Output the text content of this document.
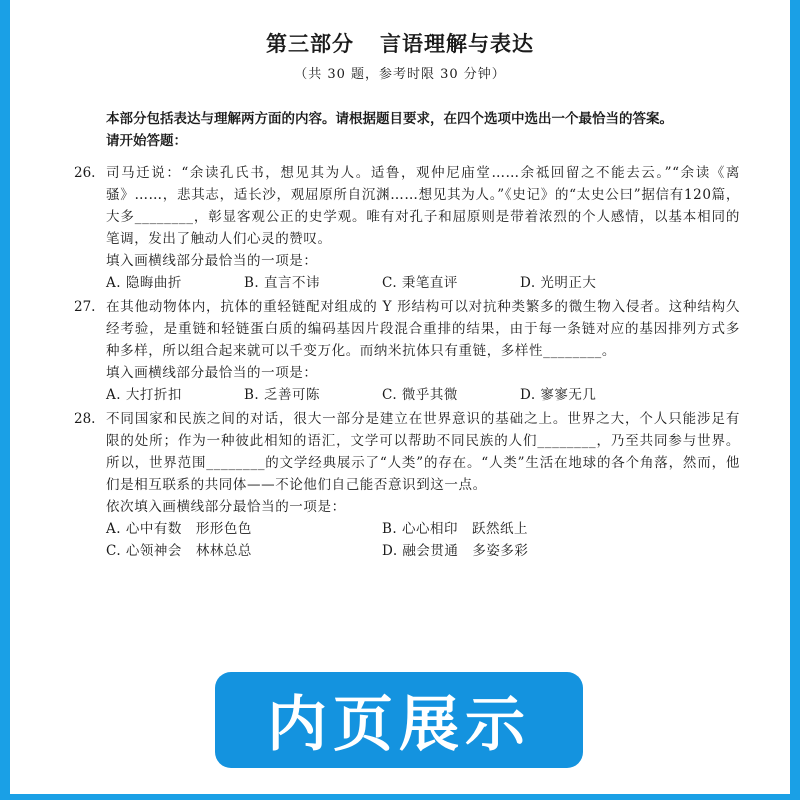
第三部分 言语理解与表达
（共 30 题，参考时限 30 分钟）
本部分包括表达与理解两方面的内容。请根据题目要求，在四个选项中选出一个最恰当的答案。
请开始答题：
26. 司马迁说：“余读孔氏书，想见其为人。适鲁，观仲尼庙堂……余祗回留之不能去云。”“余读《离骚》……，悲其志，适长沙，观屈原所自沉渊……想见其为人。”《史记》的“太史公曰”据信有120篇，大多________，彰显客观公正的史学观。唯有对孔子和屈原则是带着浓烈的个人感情，以基本相同的笔调，发出了触动人们心灵的赞叹。

填入画横线部分最恰当的一项是：

A. 隐晦曲折	B. 直言不讳	C. 秉笔直评	D. 光明正大
27. 在其他动物体内，抗体的重轻链配对组成的 Y 形结构可以对抗种类繁多的微生物入侵者。这种结构久经考验，是重链和轻链蛋白质的编码基因片段混合重排的结果，由于每一条链对应的基因排列方式多种多样，所以组合起来就可以千变万化。而纳米抗体只有重链，多样性________。

填入画横线部分最恰当的一项是：

A. 大打折扣	B. 乏善可陈	C. 微乎其微	D. 寥寥无几
28. 不同国家和民族之间的对话，很大一部分是建立在世界意识的基础之上。世界之大，个人只能涉足有限的处所；作为一种彼此相知的语汇，文学可以帮助不同民族的人们________，乃至共同参与世界。所以，世界范围________的文学经典展示了“人类”的存在。“人类”生活在地球的各个角落，然而，他们是相互联系的共同体——不论他们自己能否意识到这一点。

依次填入画横线部分最恰当的一项是：

A. 心中有数　形形色色	B. 心心相印　跃然纸上
C. 心领神会　林林总总	D. 融会贯通　多姿多彩
内页展示
